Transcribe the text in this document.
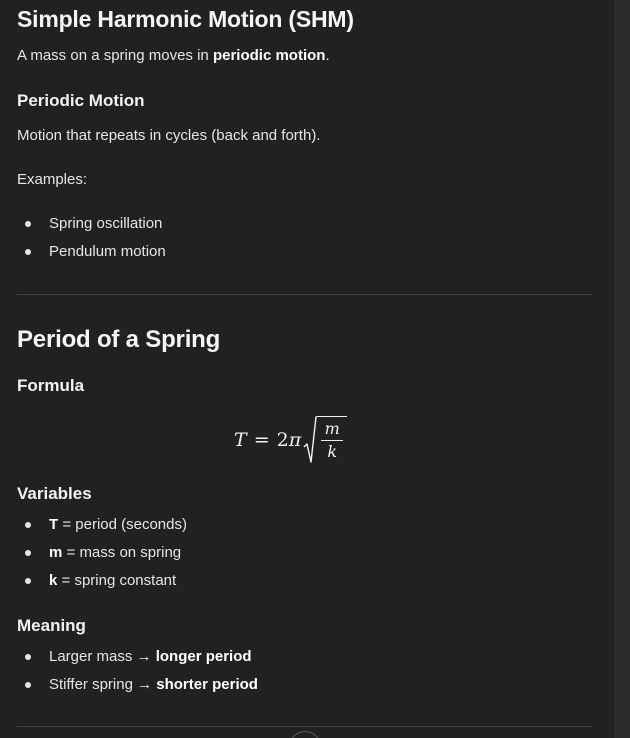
Simple Harmonic Motion (SHM)

A mass on a spring moves in periodic motion.

Periodic Motion

Motion that repeats in cycles (back and forth).

Examples:

Spring oscillation
Pendulum motion
Period of a Spring
Formula
T = 2 π $\frac{m}{k}$
Variables
T = period (seconds)
m = mass on spring
k = spring constant
Meaning
Larger mass → longer period
Stiffer spring → shorter period
